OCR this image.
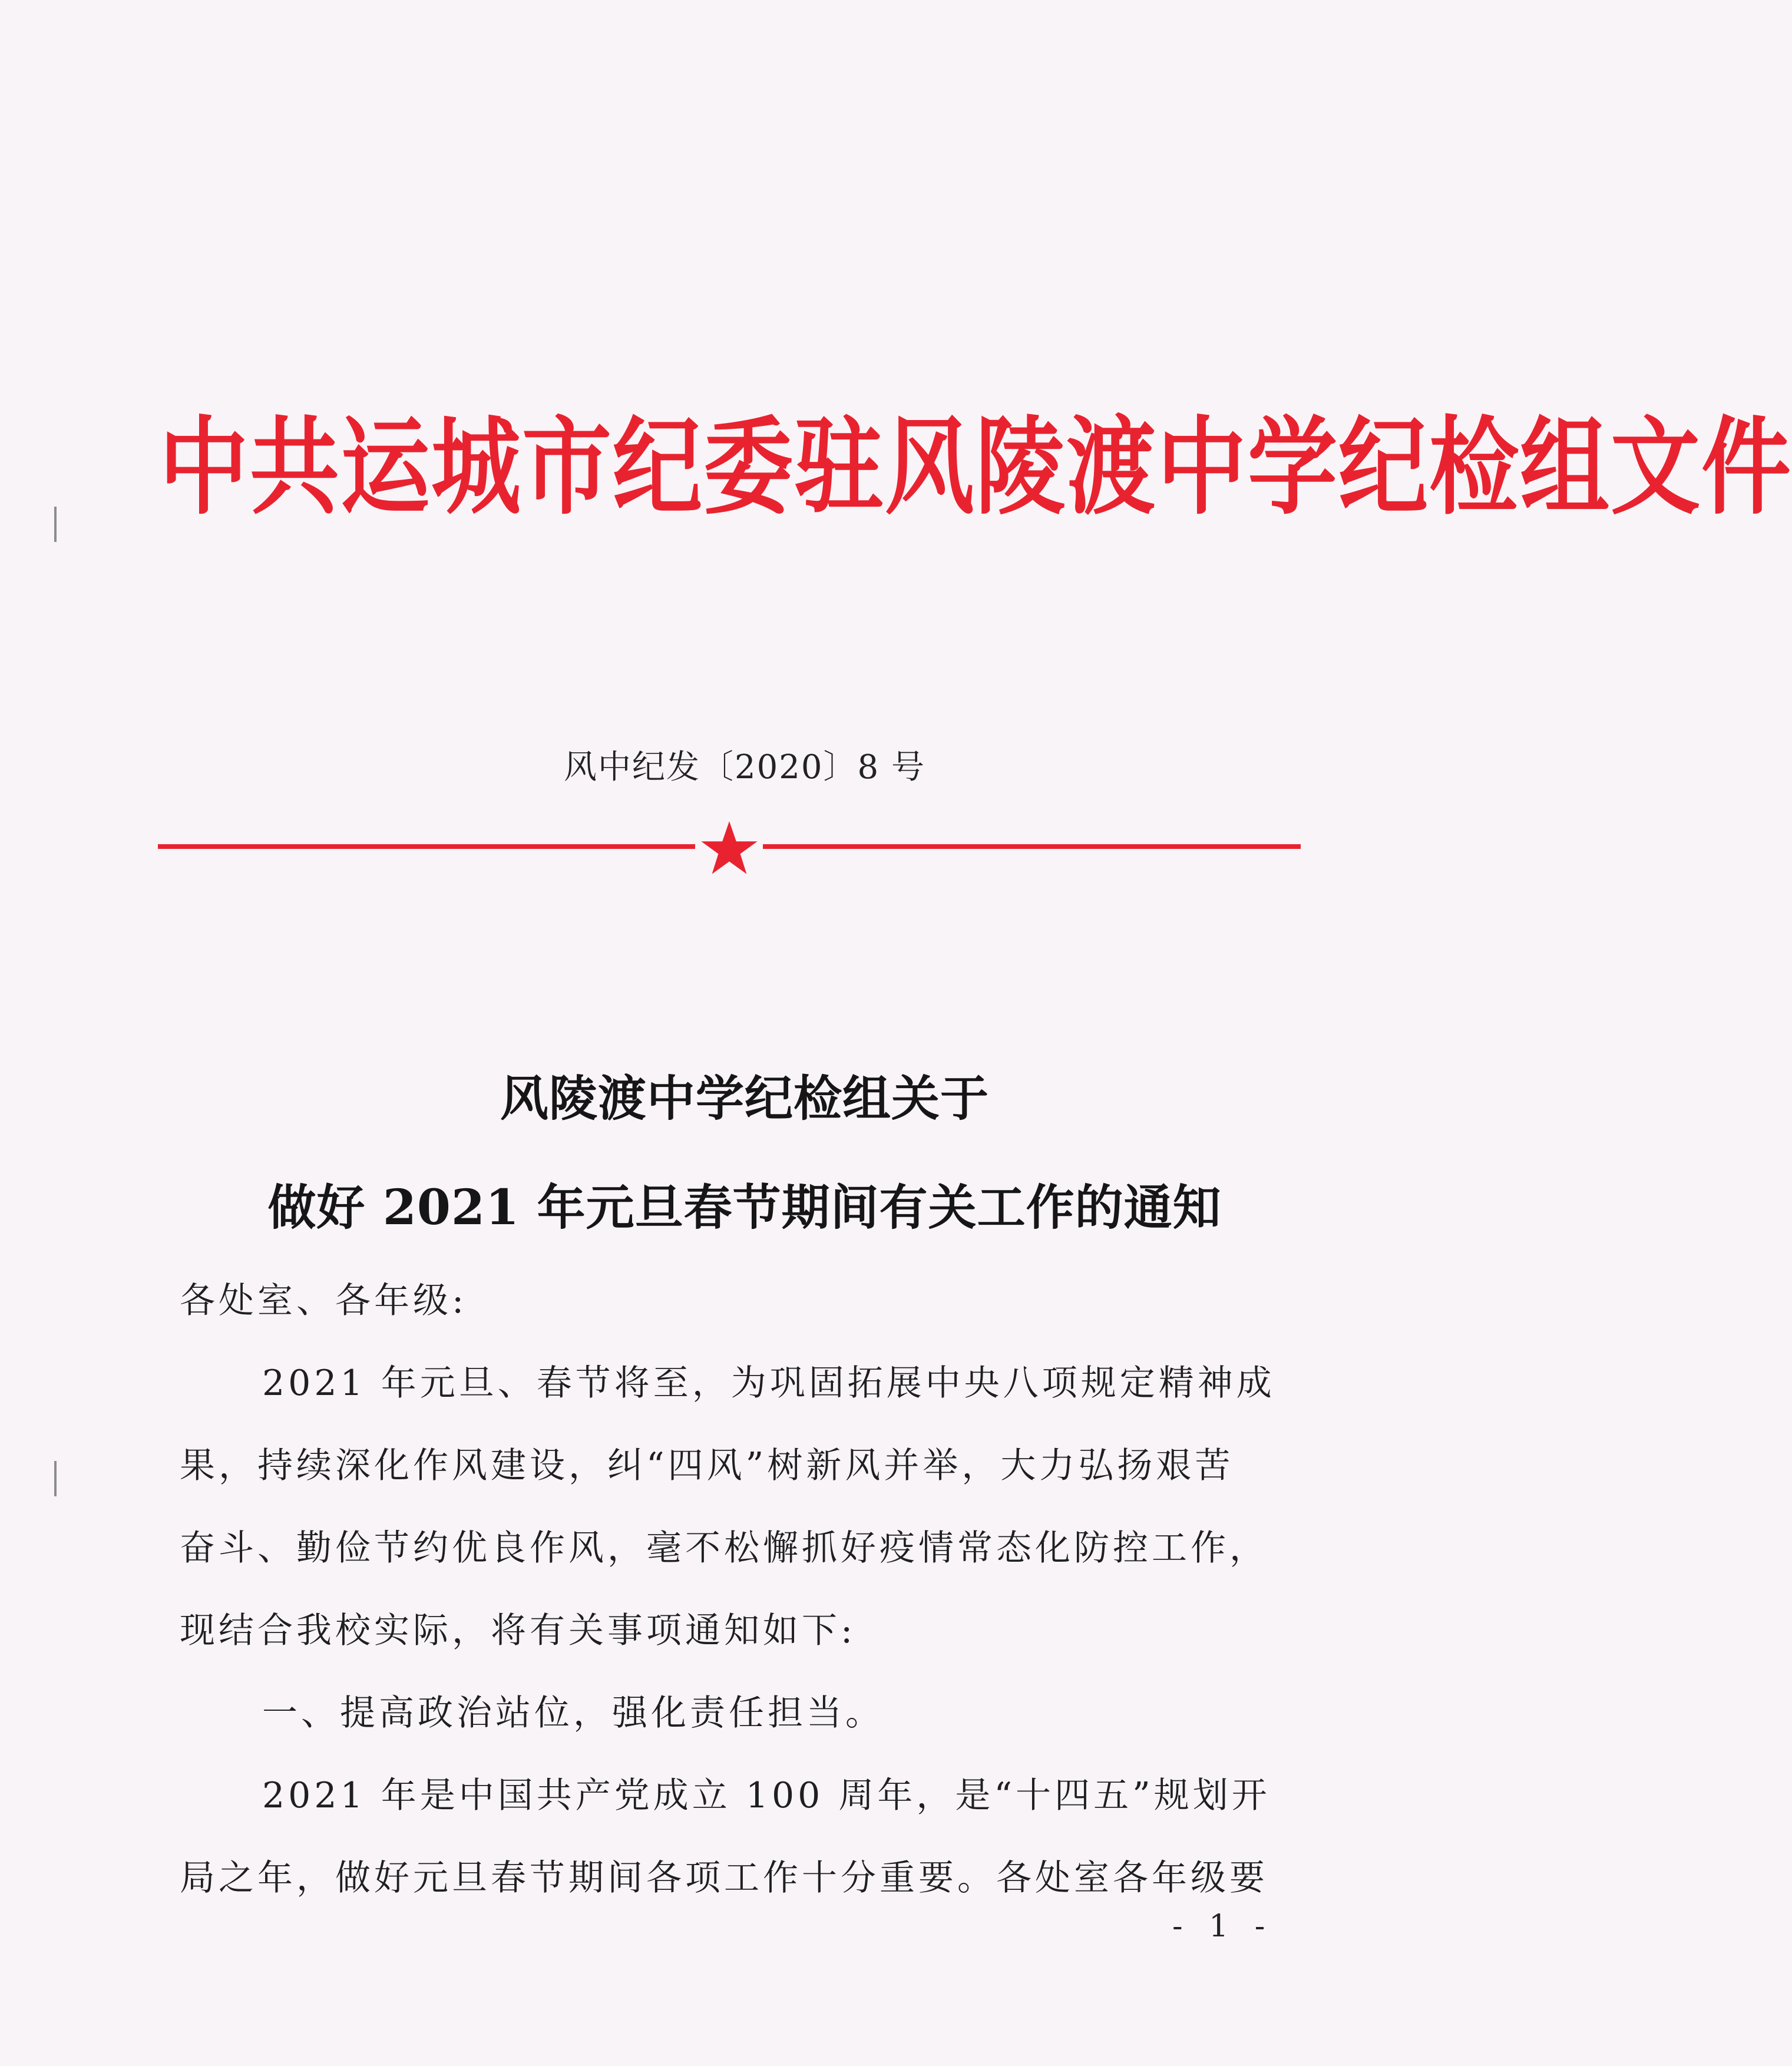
中共运城市纪委驻风陵渡中学纪检组文件
风中纪发〔2020〕8 号
风陵渡中学纪检组关于
做好 2021 年元旦春节期间有关工作的通知
各处室、各年级:
2021 年元旦、春节将至，为巩固拓展中央八项规定精神成
果，持续深化作风建设，纠“四风”树新风并举，大力弘扬艰苦
奋斗、勤俭节约优良作风，毫不松懈抓好疫情常态化防控工作，
现结合我校实际，将有关事项通知如下:
一、提高政治站位，强化责任担当。
2021 年是中国共产党成立 100 周年，是“十四五”规划开
局之年，做好元旦春节期间各项工作十分重要。各处室各年级要
- 1 -
